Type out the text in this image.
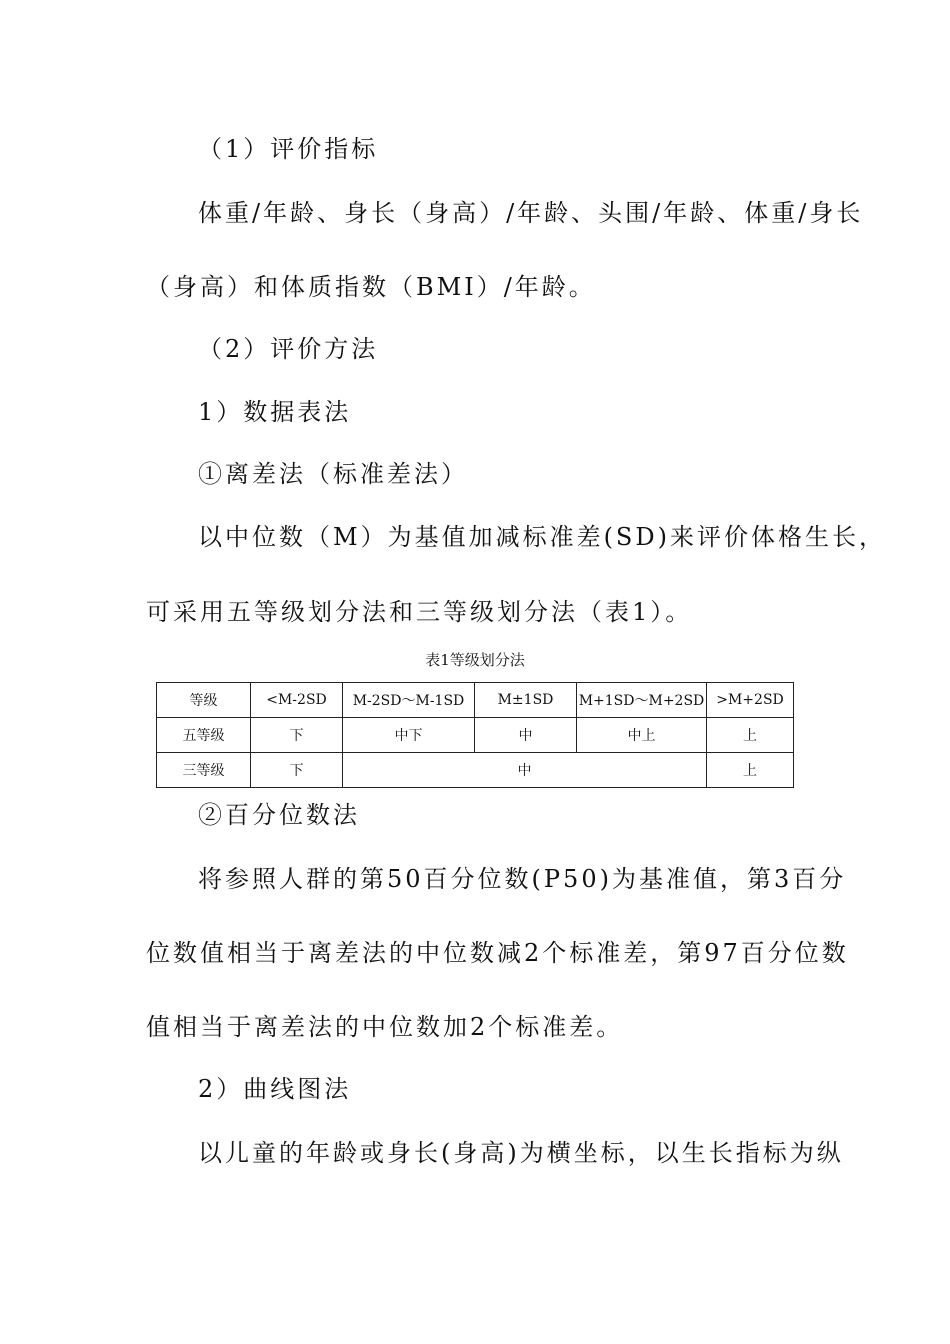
（1）评价指标
体重/年龄、身长（身高）/年龄、头围/年龄、体重/身长
（身高）和体质指数（BMI）/年龄。
（2）评价方法
1）数据表法
①离差法（标准差法）
以中位数（M）为基值加减标准差(SD)来评价体格生长，
可采用五等级划分法和三等级划分法（表1）。
表1等级划分法
等级	<M-2SD	M-2SD～M-1SD	M±1SD	M+1SD～M+2SD	>M+2SD
五等级	下	中下	中	中上	上
三等级	下	中			上
②百分位数法
将参照人群的第50百分位数(P50)为基准值，第3百分
位数值相当于离差法的中位数减2个标准差，第97百分位数
值相当于离差法的中位数加2个标准差。
2）曲线图法
以儿童的年龄或身长(身高)为横坐标，以生长指标为纵
